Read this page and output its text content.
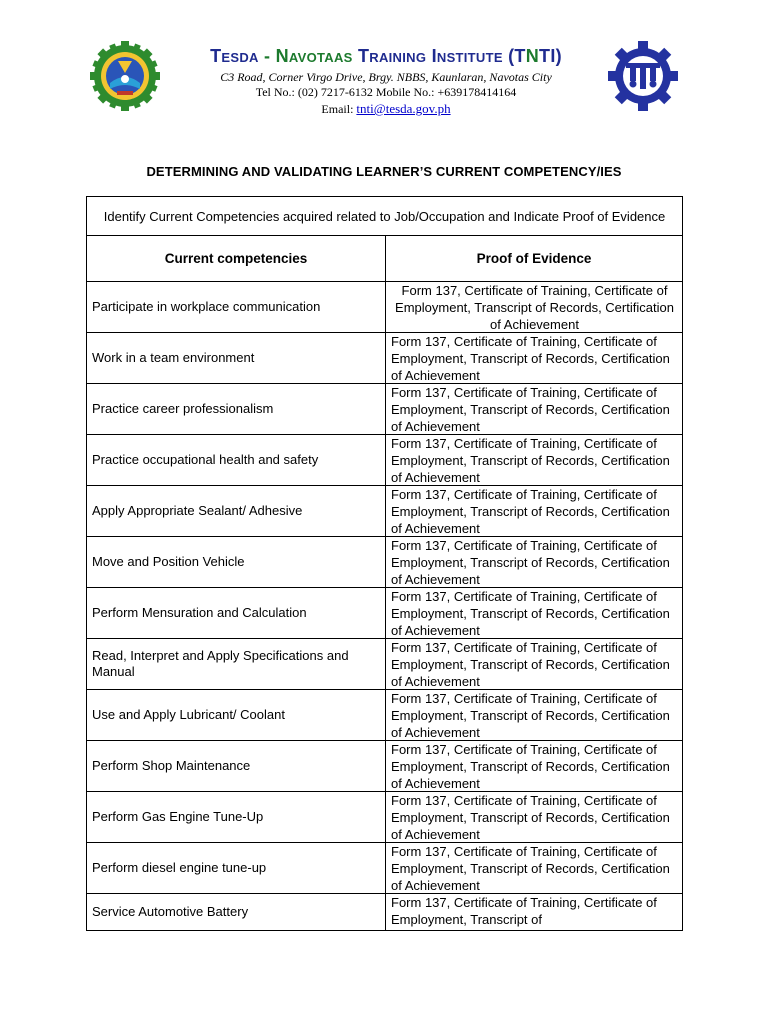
TESDA - NAVOTAAS TRAINING INSTITUTE (TNTI)
C3 Road, Corner Virgo Drive, Brgy. NBBS, Kaunlaran, Navotas City
Tel No.: (02) 7217-6132 Mobile No.: +639178414164
Email: tnti@tesda.gov.ph
DETERMINING AND VALIDATING LEARNER’S CURRENT COMPETENCY/IES
Identify Current Competencies acquired related to Job/Occupation and Indicate Proof of Evidence	
Current competencies	Proof of Evidence
Participate in workplace communication	Form 137, Certificate of Training, Certificate of Employment, Transcript of Records, Certification of Achievement

Work in a team environment	Form 137, Certificate of Training, Certificate of Employment, Transcript of Records, Certification of Achievement

Practice career professionalism	Form 137, Certificate of Training, Certificate of Employment, Transcript of Records, Certification of Achievement

Practice occupational health and safety	Form 137, Certificate of Training, Certificate of Employment, Transcript of Records, Certification of Achievement

Apply Appropriate Sealant/ Adhesive	Form 137, Certificate of Training, Certificate of Employment, Transcript of Records, Certification of Achievement

Move and Position Vehicle	Form 137, Certificate of Training, Certificate of Employment, Transcript of Records, Certification of Achievement

Perform Mensuration and Calculation	Form 137, Certificate of Training, Certificate of Employment, Transcript of Records, Certification of Achievement

Read, Interpret and Apply Specifications and Manual	Form 137, Certificate of Training, Certificate of Employment, Transcript of Records, Certification of Achievement

Use and Apply Lubricant/ Coolant	Form 137, Certificate of Training, Certificate of Employment, Transcript of Records, Certification of Achievement

Perform Shop Maintenance	Form 137, Certificate of Training, Certificate of Employment, Transcript of Records, Certification of Achievement

Perform Gas Engine Tune-Up	Form 137, Certificate of Training, Certificate of Employment, Transcript of Records, Certification of Achievement

Perform diesel engine tune-up	Form 137, Certificate of Training, Certificate of Employment, Transcript of Records, Certification of Achievement

Service Automotive Battery	Form 137, Certificate of Training, Certificate of Employment, Transcript of
